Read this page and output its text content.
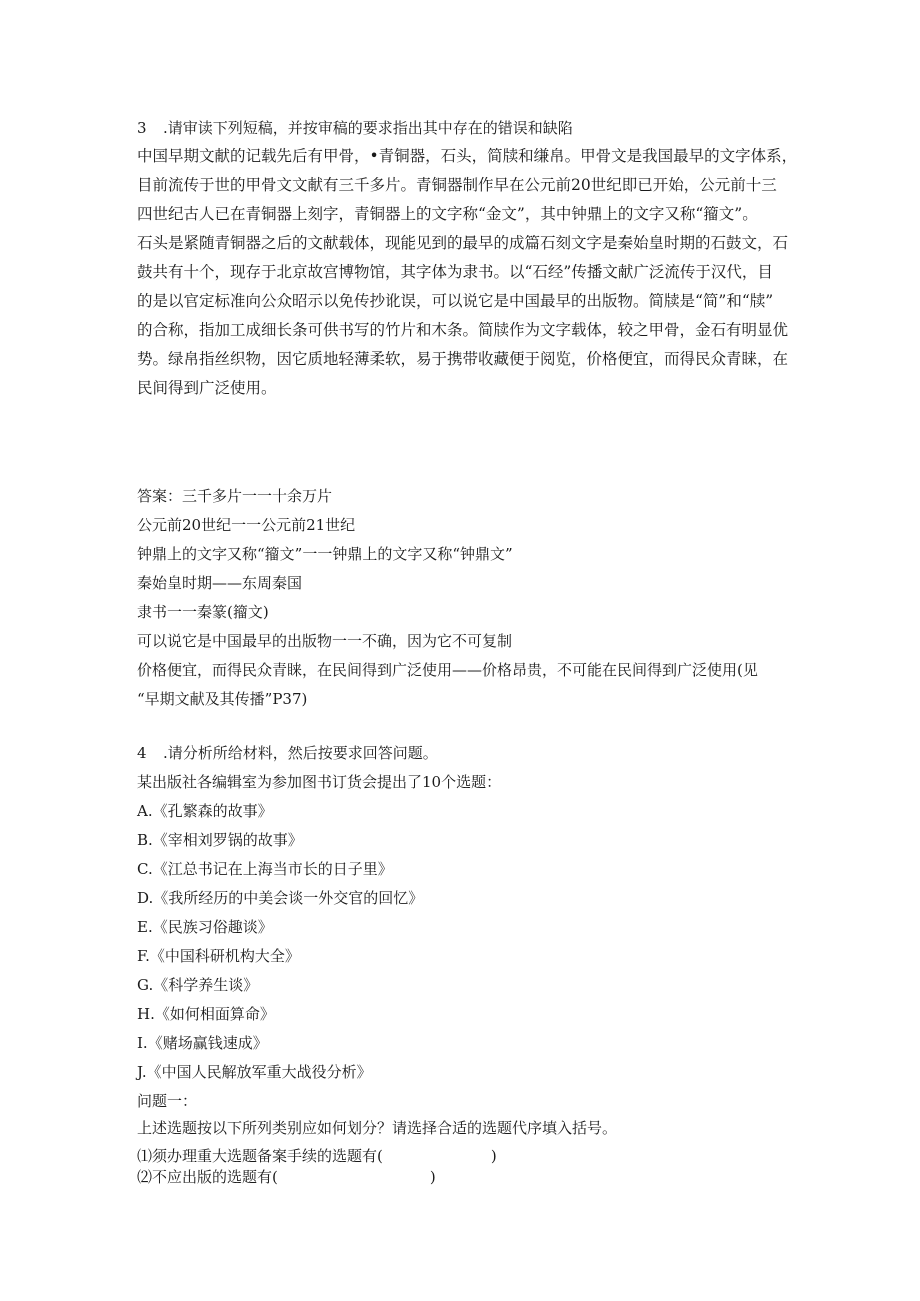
3 .请审读下列短稿，并按审稿的要求指出其中存在的错误和缺陷
中国早期文献的记载先后有甲骨，•青铜器，石头，简牍和缣帛。甲骨文是我国最早的文字体系，
目前流传于世的甲骨文文献有三千多片。青铜器制作早在公元前20世纪即已开始，公元前十三
四世纪古人已在青铜器上刻字，青铜器上的文字称“金文”，其中钟鼎上的文字又称“籀文”。
石头是紧随青铜器之后的文献载体，现能见到的最早的成篇石刻文字是秦始皇时期的石鼓文，石
鼓共有十个，现存于北京故宫博物馆，其字体为隶书。以“石经”传播文献广泛流传于汉代，目
的是以官定标准向公众昭示以免传抄讹误，可以说它是中国最早的出版物。简牍是“简”和“牍”
的合称，指加工成细长条可供书写的竹片和木条。简牍作为文字载体，较之甲骨，金石有明显优
势。绿帛指丝织物，因它质地轻薄柔软，易于携带收藏便于阅览，价格便宜，而得民众青睐，在
民间得到广泛使用。
答案：三千多片一一十余万片
公元前20世纪一一公元前21世纪
钟鼎上的文字又称“籀文”一一钟鼎上的文字又称“钟鼎文”
秦始皇时期——东周秦国
隶书一一秦篆(籀文)
可以说它是中国最早的出版物一一不确，因为它不可复制
价格便宜，而得民众青睐，在民间得到广泛使用——价格昂贵，不可能在民间得到广泛使用(见
“早期文献及其传播”P37)
4 .请分析所给材料，然后按要求回答问题。
某出版社各编辑室为参加图书订货会提出了10个选题：
A.《孔繁森的故事》
B.《宰相刘罗锅的故事》
C.《江总书记在上海当市长的日子里》
D.《我所经历的中美会谈一外交官的回忆》
E.《民族习俗趣谈》
F.《中国科研机构大全》
G.《科学养生谈》
H.《如何相面算命》
I.《赌场赢钱速成》
J.《中国人民解放军重大战役分析》
问题一：
上述选题按以下所列类别应如何划分？请选择合适的选题代序填入括号。
⑴须办理重大选题备案手续的选题有(	)
⑵不应出版的选题有(	)
